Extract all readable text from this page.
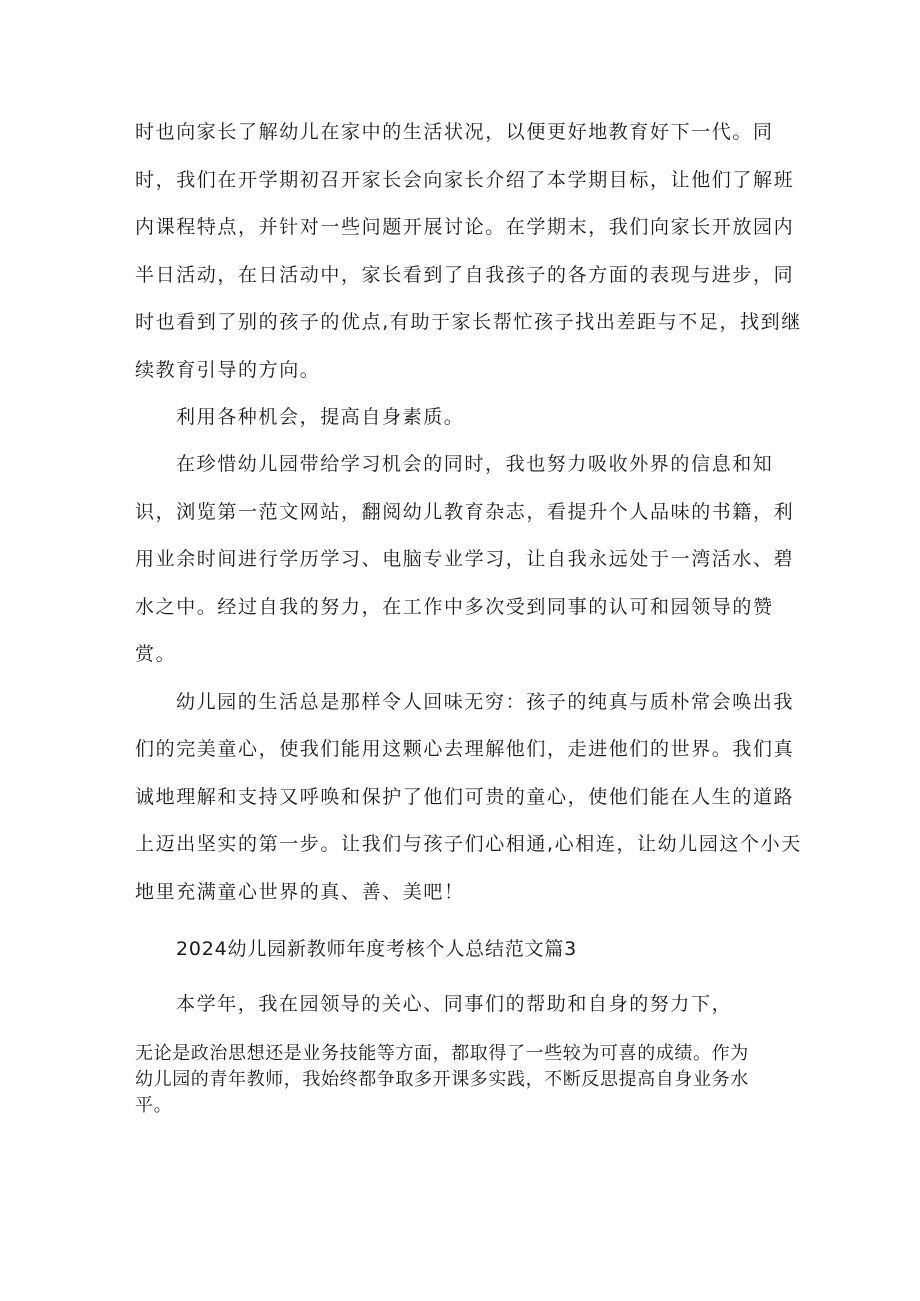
时也向家长了解幼儿在家中的生活状况，以便更好地教育好下一代。同
时，我们在开学期初召开家长会向家长介绍了本学期目标，让他们了解班
内课程特点，并针对一些问题开展讨论。在学期末，我们向家长开放园内
半日活动，在日活动中，家长看到了自我孩子的各方面的表现与进步，同
时也看到了别的孩子的优点,有助于家长帮忙孩子找出差距与不足，找到继
续教育引导的方向。
利用各种机会，提高自身素质。
在珍惜幼儿园带给学习机会的同时，我也努力吸收外界的信息和知
识，浏览第一范文网站，翻阅幼儿教育杂志，看提升个人品味的书籍，利
用业余时间进行学历学习、电脑专业学习，让自我永远处于一湾活水、碧
水之中。经过自我的努力，在工作中多次受到同事的认可和园领导的赞
赏。
幼儿园的生活总是那样令人回味无穷：孩子的纯真与质朴常会唤出我
们的完美童心，使我们能用这颗心去理解他们，走进他们的世界。我们真
诚地理解和支持又呼唤和保护了他们可贵的童心，使他们能在人生的道路
上迈出坚实的第一步。让我们与孩子们心相通,心相连，让幼儿园这个小天
地里充满童心世界的真、善、美吧！
2024幼儿园新教师年度考核个人总结范文篇3
本学年，我在园领导的关心、同事们的帮助和自身的努力下，
无论是政治思想还是业务技能等方面，都取得了一些较为可喜的成绩。作为
幼儿园的青年教师，我始终都争取多开课多实践，不断反思提高自身业务水
平。
